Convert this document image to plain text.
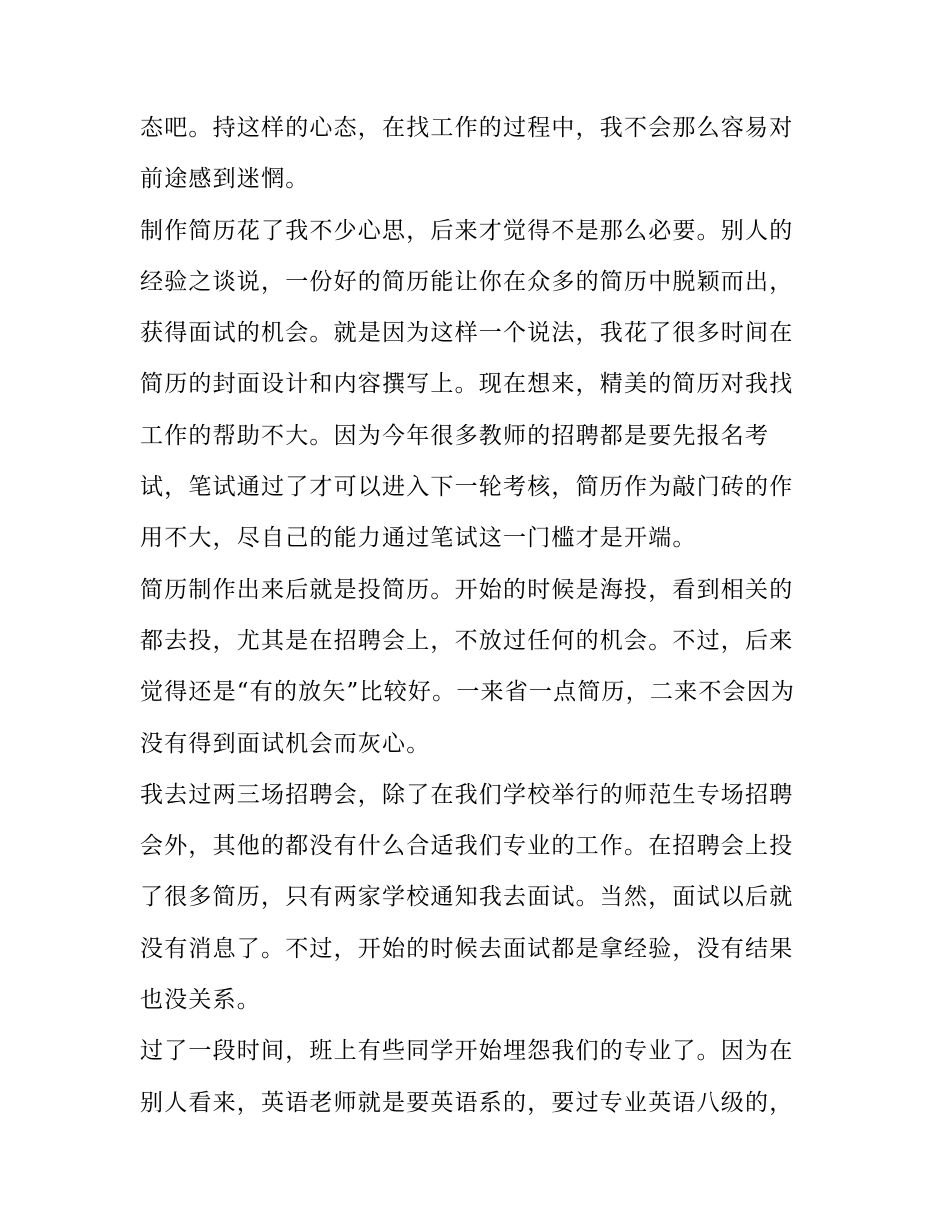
态吧。持这样的心态，在找工作的过程中，我不会那么容易对
前途感到迷惘。
制作简历花了我不少心思，后来才觉得不是那么必要。别人的
经验之谈说，一份好的简历能让你在众多的简历中脱颖而出，
获得面试的机会。就是因为这样一个说法，我花了很多时间在
简历的封面设计和内容撰写上。现在想来，精美的简历对我找
工作的帮助不大。因为今年很多教师的招聘都是要先报名考
试，笔试通过了才可以进入下一轮考核，简历作为敲门砖的作
用不大，尽自己的能力通过笔试这一门槛才是开端。
简历制作出来后就是投简历。开始的时候是海投，看到相关的
都去投，尤其是在招聘会上，不放过任何的机会。不过，后来
觉得还是“有的放矢”比较好。一来省一点简历，二来不会因为
没有得到面试机会而灰心。
我去过两三场招聘会，除了在我们学校举行的师范生专场招聘
会外，其他的都没有什么合适我们专业的工作。在招聘会上投
了很多简历，只有两家学校通知我去面试。当然，面试以后就
没有消息了。不过，开始的时候去面试都是拿经验，没有结果
也没关系。
过了一段时间，班上有些同学开始埋怨我们的专业了。因为在
别人看来，英语老师就是要英语系的，要过专业英语八级的，
